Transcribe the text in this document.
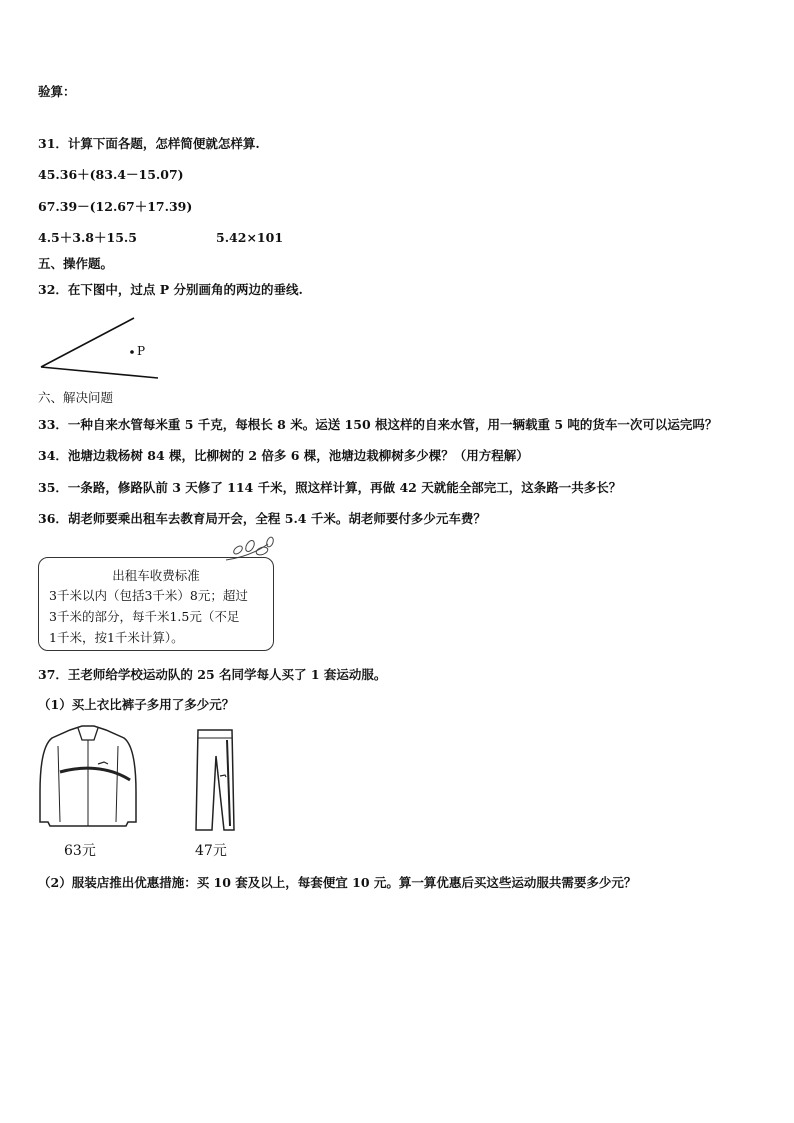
验算：
31．计算下面各题，怎样简便就怎样算.
45.36＋(83.4－15.07)
67.39－(12.67＋17.39)
4.5＋3.8＋15.5	5.42×101
五、操作题。
32．在下图中，过点 P 分别画角的两边的垂线.
P
六、解决问题
33．一种自来水管每米重 5 千克，每根长 8 米。运送 150 根这样的自来水管，用一辆载重 5 吨的货车一次可以运完吗？
34．池塘边栽杨树 84 棵，比柳树的 2 倍多 6 棵，池塘边栽柳树多少棵？（用方程解）
35．一条路，修路队前 3 天修了 114 千米，照这样计算，再做 42 天就能全部完工，这条路一共多长？
36．胡老师要乘出租车去教育局开会，全程 5.4 千米。胡老师要付多少元车费？
出租车收费标准
3千米以内（包括3千米）8元；超过
3千米的部分，每千米1.5元（不足
1千米，按1千米计算）。
37．王老师给学校运动队的 25 名同学每人买了 1 套运动服。
（1）买上衣比裤子多用了多少元？
63元	47元
（2）服装店推出优惠措施：买 10 套及以上，每套便宜 10 元。算一算优惠后买这些运动服共需要多少元？
